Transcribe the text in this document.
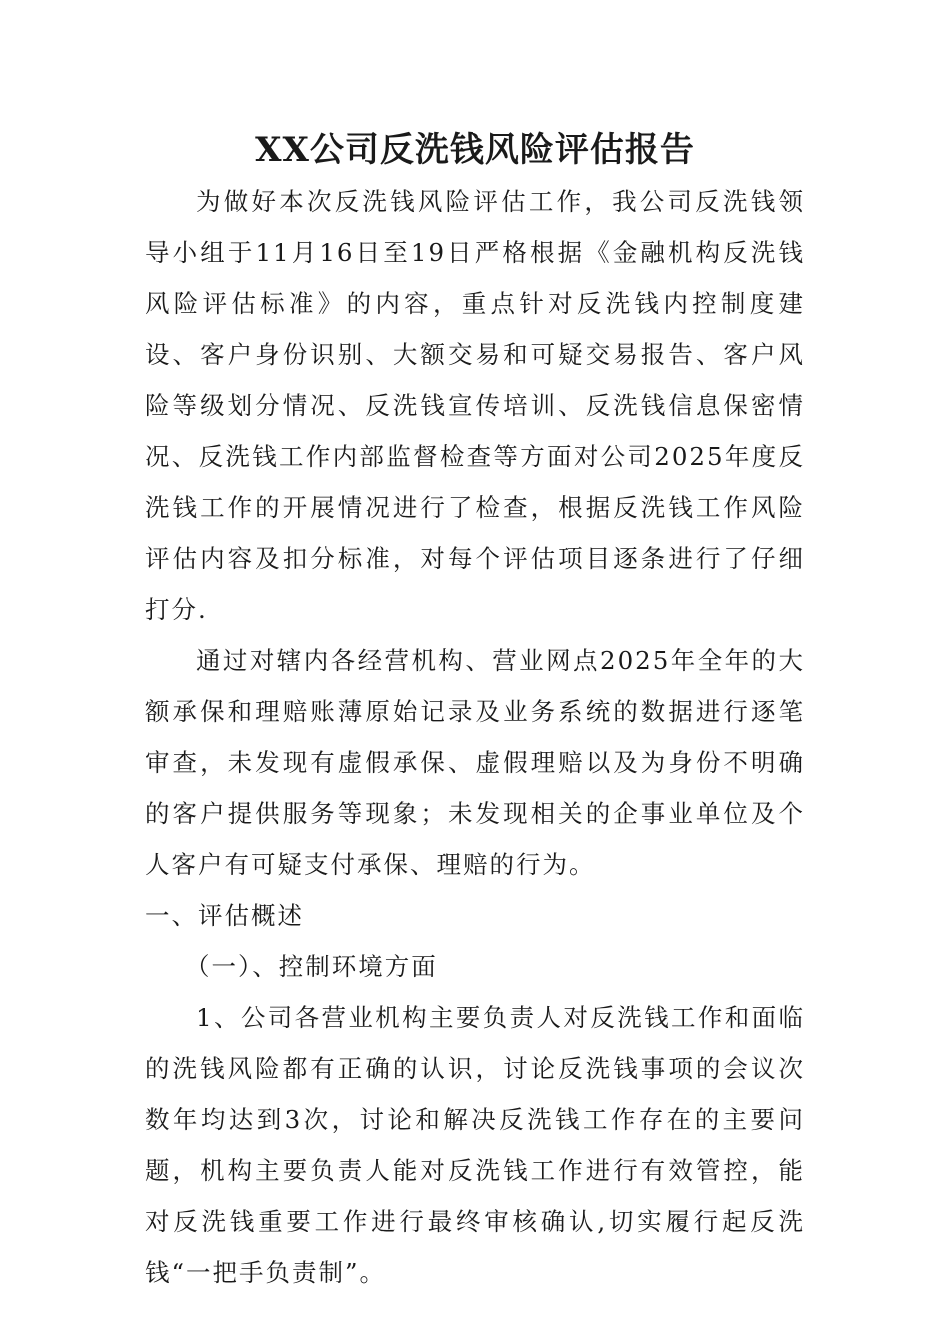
XX公司反洗钱风险评估报告

为做好本次反洗钱风险评估工作，我公司反洗钱领导小组于11月16日至19日严格根据《金融机构反洗钱风险评估标准》的内容，重点针对反洗钱内控制度建设、客户身份识别、大额交易和可疑交易报告、客户风险等级划分情况、反洗钱宣传培训、反洗钱信息保密情况、反洗钱工作内部监督检查等方面对公司2025年度反洗钱工作的开展情况进行了检查，根据反洗钱工作风险评估内容及扣分标准，对每个评估项目逐条进行了仔细打分.

通过对辖内各经营机构、营业网点2025年全年的大额承保和理赔账薄原始记录及业务系统的数据进行逐笔审查，未发现有虚假承保、虚假理赔以及为身份不明确的客户提供服务等现象；未发现相关的企事业单位及个人客户有可疑支付承保、理赔的行为。

一、评估概述

（一）、控制环境方面

1、公司各营业机构主要负责人对反洗钱工作和面临的洗钱风险都有正确的认识，讨论反洗钱事项的会议次数年均达到3次，讨论和解决反洗钱工作存在的主要问题，机构主要负责人能对反洗钱工作进行有效管控，能对反洗钱重要工作进行最终审核确认,切实履行起反洗钱“一把手负责制”。
